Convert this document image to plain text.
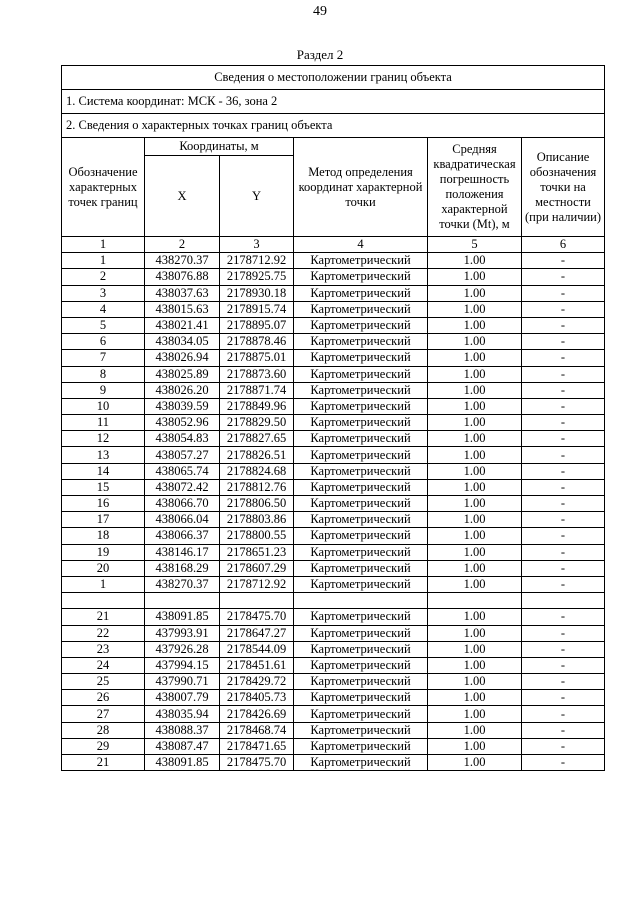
49
Раздел 2
Сведения о местоположении границ объекта					
1. Система координат: МСК - 36, зона 2					
2. Сведения о характерных точках границ объекта					
Обозначение характерных точек границ	Координаты, м		Метод определения координат характерной точки	Средняя квадратическая погрешность положения характерной точки (Mt), м	Описание обозначения точки на местности (при наличии)
	X	Y			
1	2	3	4	5	6
1	438270.37	2178712.92	Картометрический	1.00	-
2	438076.88	2178925.75	Картометрический	1.00	-
3	438037.63	2178930.18	Картометрический	1.00	-
4	438015.63	2178915.74	Картометрический	1.00	-
5	438021.41	2178895.07	Картометрический	1.00	-
6	438034.05	2178878.46	Картометрический	1.00	-
7	438026.94	2178875.01	Картометрический	1.00	-
8	438025.89	2178873.60	Картометрический	1.00	-
9	438026.20	2178871.74	Картометрический	1.00	-
10	438039.59	2178849.96	Картометрический	1.00	-
11	438052.96	2178829.50	Картометрический	1.00	-
12	438054.83	2178827.65	Картометрический	1.00	-
13	438057.27	2178826.51	Картометрический	1.00	-
14	438065.74	2178824.68	Картометрический	1.00	-
15	438072.42	2178812.76	Картометрический	1.00	-
16	438066.70	2178806.50	Картометрический	1.00	-
17	438066.04	2178803.86	Картометрический	1.00	-
18	438066.37	2178800.55	Картометрический	1.00	-
19	438146.17	2178651.23	Картометрический	1.00	-
20	438168.29	2178607.29	Картометрический	1.00	-
1	438270.37	2178712.92	Картометрический	1.00	-

21	438091.85	2178475.70	Картометрический	1.00	-
22	437993.91	2178647.27	Картометрический	1.00	-
23	437926.28	2178544.09	Картометрический	1.00	-
24	437994.15	2178451.61	Картометрический	1.00	-
25	437990.71	2178429.72	Картометрический	1.00	-
26	438007.79	2178405.73	Картометрический	1.00	-
27	438035.94	2178426.69	Картометрический	1.00	-
28	438088.37	2178468.74	Картометрический	1.00	-
29	438087.47	2178471.65	Картометрический	1.00	-
21	438091.85	2178475.70	Картометрический	1.00	-
